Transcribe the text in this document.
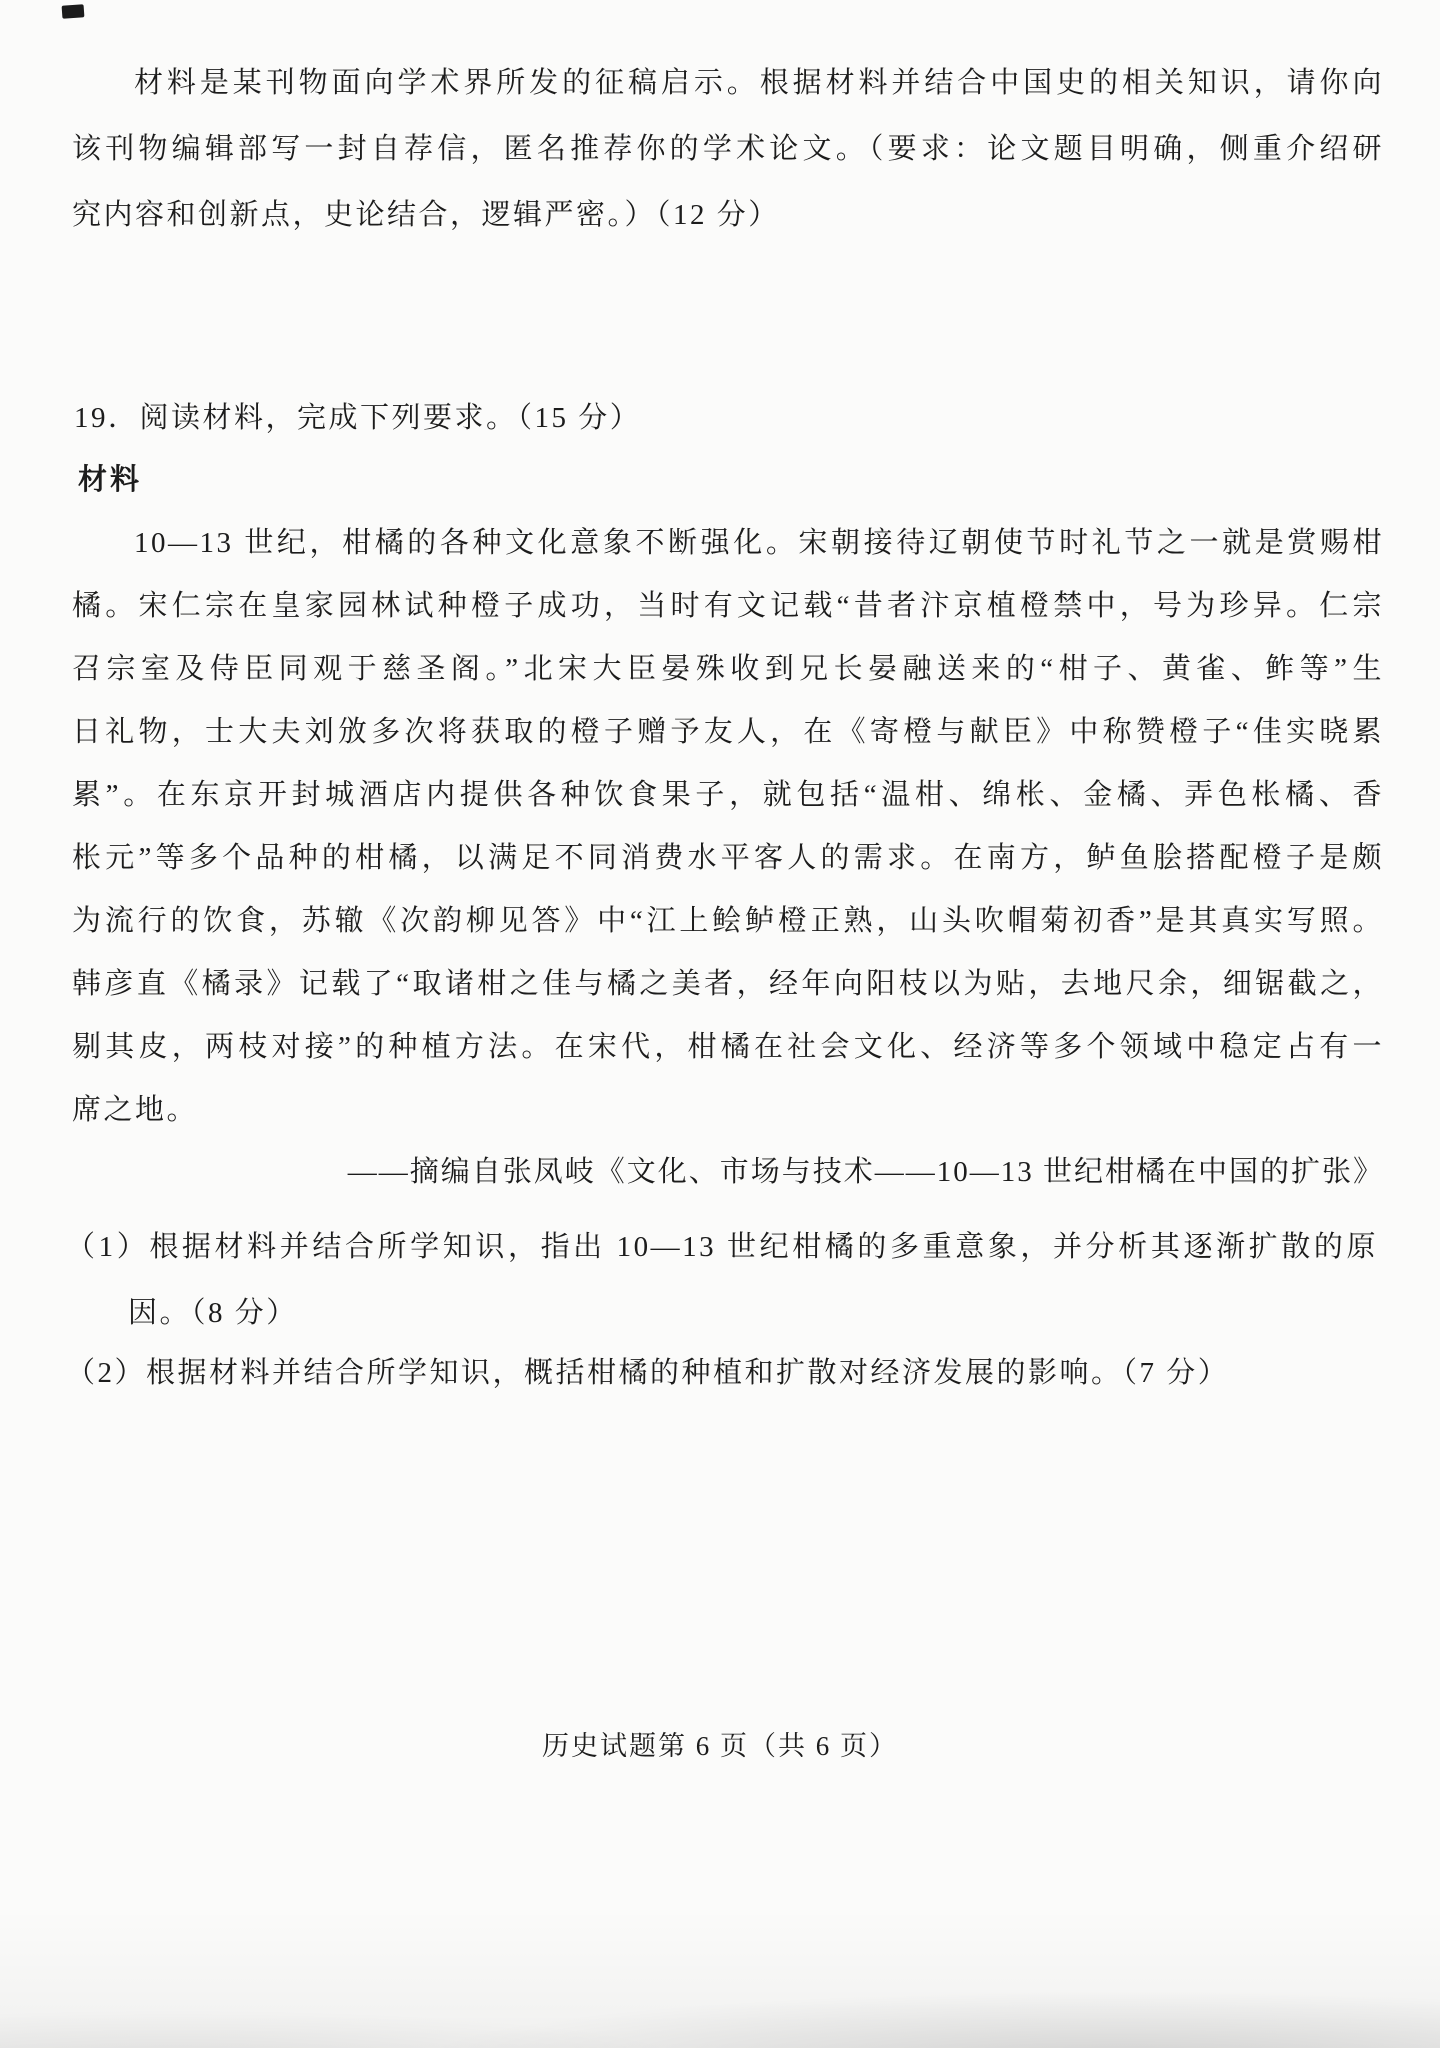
材料是某刊物面向学术界所发的征稿启示。根据材料并结合中国史的相关知识，请你向
该刊物编辑部写一封自荐信，匿名推荐你的学术论文。（要求：论文题目明确，侧重介绍研
究内容和创新点，史论结合，逻辑严密。）（12 分）
19．阅读材料，完成下列要求。（15 分）
材料
10—13 世纪，柑橘的各种文化意象不断强化。宋朝接待辽朝使节时礼节之一就是赏赐柑
橘。宋仁宗在皇家园林试种橙子成功，当时有文记载“昔者汴京植橙禁中，号为珍异。仁宗
召宗室及侍臣同观于慈圣阁。”北宋大臣晏殊收到兄长晏融送来的“柑子、黄雀、鲊等”生
日礼物，士大夫刘攽多次将获取的橙子赠予友人，在《寄橙与献臣》中称赞橙子“佳实晓累
累”。在东京开封城酒店内提供各种饮食果子，就包括“温柑、绵枨、金橘、弄色枨橘、香
枨元”等多个品种的柑橘，以满足不同消费水平客人的需求。在南方，鲈鱼脍搭配橙子是颇
为流行的饮食，苏辙《次韵柳见答》中“江上鲙鲈橙正熟，山头吹帽菊初香”是其真实写照。
韩彦直《橘录》记载了“取诸柑之佳与橘之美者，经年向阳枝以为贴，去地尺余，细锯截之，
剔其皮，两枝对接”的种植方法。在宋代，柑橘在社会文化、经济等多个领域中稳定占有一
席之地。
——摘编自张凤岐《文化、市场与技术——10—13 世纪柑橘在中国的扩张》
（1）根据材料并结合所学知识，指出 10—13 世纪柑橘的多重意象，并分析其逐渐扩散的原
因。（8 分）
（2）根据材料并结合所学知识，概括柑橘的种植和扩散对经济发展的影响。（7 分）
历史试题第 6 页（共 6 页）
